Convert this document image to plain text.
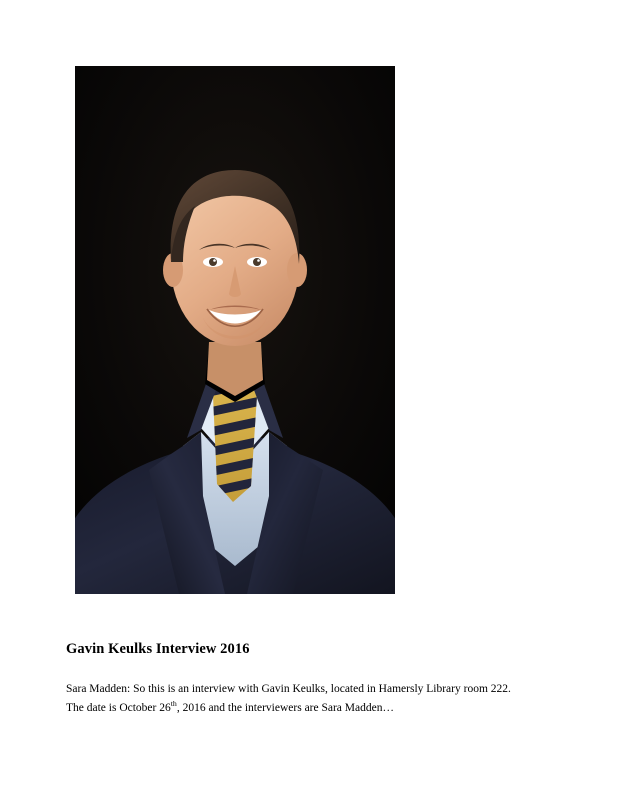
Gavin Keulks Interview 2016

Sara Madden: So this is an interview with Gavin Keulks, located in Hamersly Library room 222.
The date is October 26th, 2016 and the interviewers are Sara Madden…
